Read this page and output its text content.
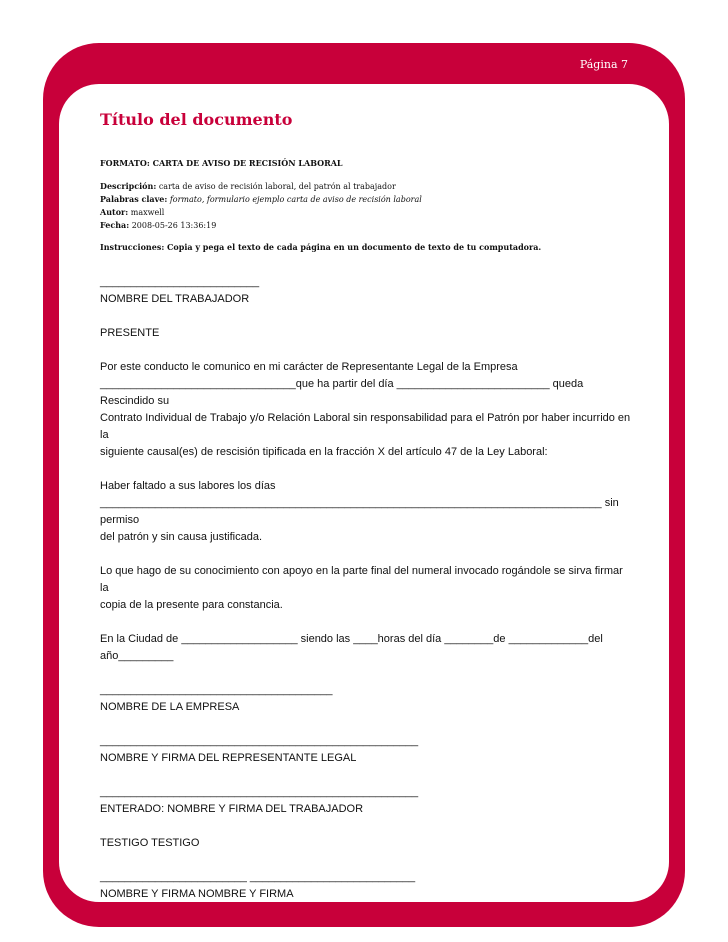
Página 7
Título del documento
FORMATO: CARTA DE AVISO DE RECISIÓN LABORAL
Descripción: carta de aviso de recisión laboral, del patrón al trabajador
Palabras clave: formato, formulario ejemplo carta de aviso de recisión laboral
Autor: maxwell
Fecha: 2008-05-26 13:36:19
Instrucciones: Copia y pega el texto de cada página en un documento de texto de tu computadora.

__________________________
NOMBRE DEL TRABAJADOR

PRESENTE

Por este conducto le comunico en mi carácter de Representante Legal de la Empresa
________________________________que ha partir del día _________________________ queda Rescindido su
Contrato Individual de Trabajo y/o Relación Laboral sin responsabilidad para el Patrón por haber incurrido en la
siguiente causal(es) de rescisión tipificada en la fracción X del artículo 47 de la Ley Laboral:

Haber faltado a sus labores los días
__________________________________________________________________________________ sin permiso
del patrón y sin causa justificada.

Lo que hago de su conocimiento con apoyo en la parte final del numeral invocado rogándole se sirva firmar la
copia de la presente para constancia.

En la Ciudad de ___________________ siendo las ____horas del día ________de _____________del
año_________

______________________________________
NOMBRE DE LA EMPRESA

____________________________________________________
NOMBRE Y FIRMA DEL REPRESENTANTE LEGAL

____________________________________________________
ENTERADO: NOMBRE Y FIRMA DEL TRABAJADOR

TESTIGO TESTIGO

________________________ ___________________________
NOMBRE Y FIRMA NOMBRE Y FIRMA
